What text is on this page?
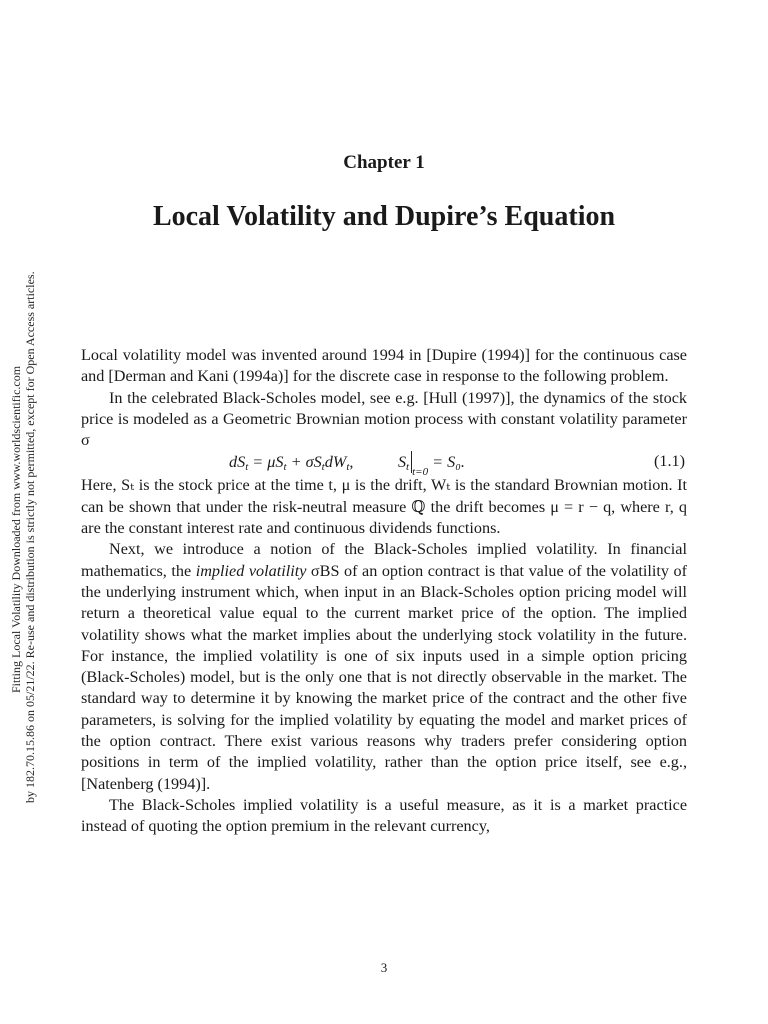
Fitting Local Volatility Downloaded from www.worldscientific.com by 182.70.15.86 on 05/21/22. Re-use and distribution is strictly not permitted, except for Open Access articles.
Chapter 1
Local Volatility and Dupire’s Equation

Local volatility model was invented around 1994 in [Dupire (1994)] for the continuous case and [Derman and Kani (1994a)] for the discrete case in response to the following problem.

In the celebrated Black-Scholes model, see e.g. [Hull (1997)], the dynamics of the stock price is modeled as a Geometric Brownian motion process with constant volatility parameter σ

$dS_t = \mu S_t + \sigma S_tdW_t$,	$S_t$ $_{t=0}$ = S₀.	(1.1)

Here, Sₜ is the stock price at the time t, μ is the drift, Wₜ is the standard Brownian motion. It can be shown that under the risk-neutral measure ℚ the drift becomes μ = r − q, where r, q are the constant interest rate and continuous dividends functions.

Next, we introduce a notion of the Black-Scholes implied volatility. In financial mathematics, the implied volatility σBS of an option contract is that value of the volatility of the underlying instrument which, when input in an Black-Scholes option pricing model will return a theoretical value equal to the current market price of the option. The implied volatility shows what the market implies about the underlying stock volatility in the future. For instance, the implied volatility is one of six inputs used in a simple option pricing (Black-Scholes) model, but is the only one that is not directly observable in the market. The standard way to determine it by knowing the market price of the contract and the other five parameters, is solving for the implied volatility by equating the model and market prices of the option contract. There exist various reasons why traders prefer considering option positions in term of the implied volatility, rather than the option price itself, see e.g., [Natenberg (1994)].

The Black-Scholes implied volatility is a useful measure, as it is a market practice instead of quoting the option premium in the relevant currency,

3
